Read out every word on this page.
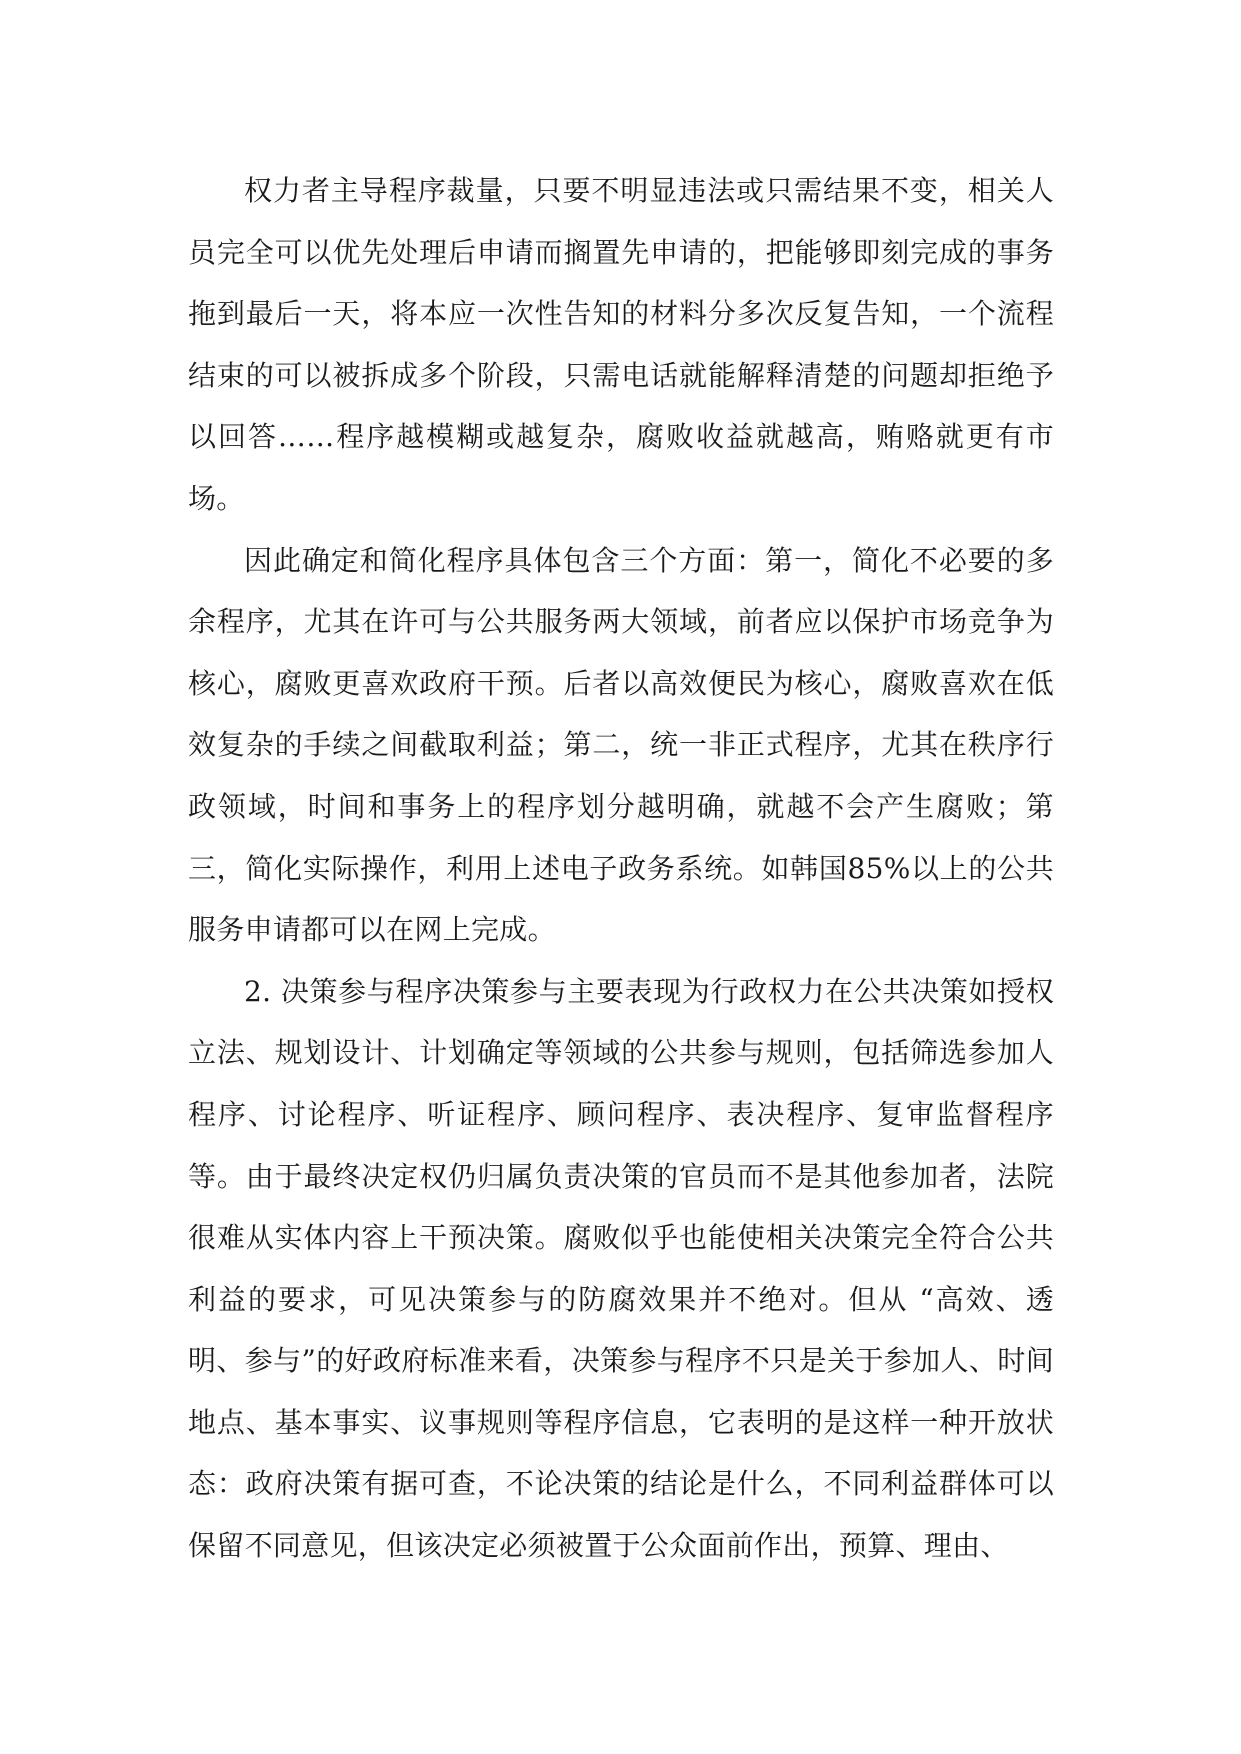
权力者主导程序裁量，只要不明显违法或只需结果不变，相关人员完全可以优先处理后申请而搁置先申请的，把能够即刻完成的事务拖到最后一天，将本应一次性告知的材料分多次反复告知，一个流程结束的可以被拆成多个阶段，只需电话就能解释清楚的问题却拒绝予以回答……程序越模糊或越复杂，腐败收益就越高，贿赂就更有市场。

因此确定和简化程序具体包含三个方面：第一，简化不必要的多余程序，尤其在许可与公共服务两大领域，前者应以保护市场竞争为核心，腐败更喜欢政府干预。后者以高效便民为核心，腐败喜欢在低效复杂的手续之间截取利益；第二，统一非正式程序，尤其在秩序行政领域，时间和事务上的程序划分越明确，就越不会产生腐败；第三，简化实际操作，利用上述电子政务系统。如韩国85%以上的公共服务申请都可以在网上完成。

2. 决策参与程序决策参与主要表现为行政权力在公共决策如授权立法、规划设计、计划确定等领域的公共参与规则，包括筛选参加人程序、讨论程序、听证程序、顾问程序、表决程序、复审监督程序等。由于最终决定权仍归属负责决策的官员而不是其他参加者，法院很难从实体内容上干预决策。腐败似乎也能使相关决策完全符合公共利益的要求，可见决策参与的防腐效果并不绝对。但从 “高效、透明、参与”的好政府标准来看，决策参与程序不只是关于参加人、时间地点、基本事实、议事规则等程序信息，它表明的是这样一种开放状态：政府决策有据可查，不论决策的结论是什么，不同利益群体可以保留不同意见，但该决定必须被置于公众面前作出，预算、理由、
